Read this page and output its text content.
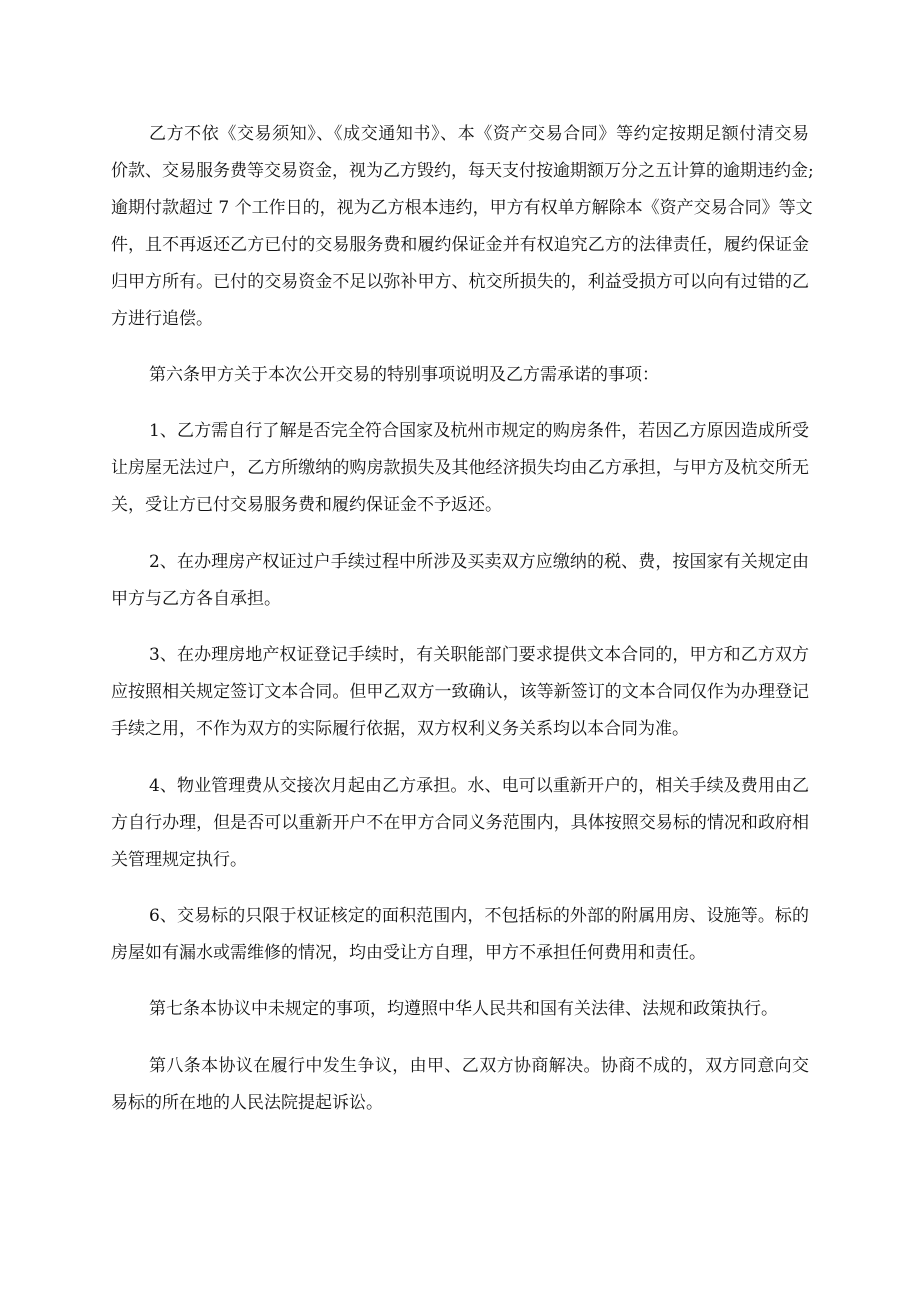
乙方不依《交易须知》、《成交通知书》、本《资产交易合同》等约定按期足额付清交易
价款、交易服务费等交易资金，视为乙方毁约，每天支付按逾期额万分之五计算的逾期违约金;
逾期付款超过 7 个工作日的，视为乙方根本违约，甲方有权单方解除本《资产交易合同》等文
件，且不再返还乙方已付的交易服务费和履约保证金并有权追究乙方的法律责任，履约保证金
归甲方所有。已付的交易资金不足以弥补甲方、杭交所损失的，利益受损方可以向有过错的乙
方进行追偿。
第六条甲方关于本次公开交易的特别事项说明及乙方需承诺的事项：
1、乙方需自行了解是否完全符合国家及杭州市规定的购房条件，若因乙方原因造成所受
让房屋无法过户，乙方所缴纳的购房款损失及其他经济损失均由乙方承担，与甲方及杭交所无
关，受让方已付交易服务费和履约保证金不予返还。
2、在办理房产权证过户手续过程中所涉及买卖双方应缴纳的税、费，按国家有关规定由
甲方与乙方各自承担。
3、在办理房地产权证登记手续时，有关职能部门要求提供文本合同的，甲方和乙方双方
应按照相关规定签订文本合同。但甲乙双方一致确认，该等新签订的文本合同仅作为办理登记
手续之用，不作为双方的实际履行依据，双方权利义务关系均以本合同为准。
4、物业管理费从交接次月起由乙方承担。水、电可以重新开户的，相关手续及费用由乙
方自行办理，但是否可以重新开户不在甲方合同义务范围内，具体按照交易标的情况和政府相
关管理规定执行。
6、交易标的只限于权证核定的面积范围内，不包括标的外部的附属用房、设施等。标的
房屋如有漏水或需维修的情况，均由受让方自理，甲方不承担任何费用和责任。
第七条本协议中未规定的事项，均遵照中华人民共和国有关法律、法规和政策执行。
第八条本协议在履行中发生争议，由甲、乙双方协商解决。协商不成的，双方同意向交
易标的所在地的人民法院提起诉讼。
